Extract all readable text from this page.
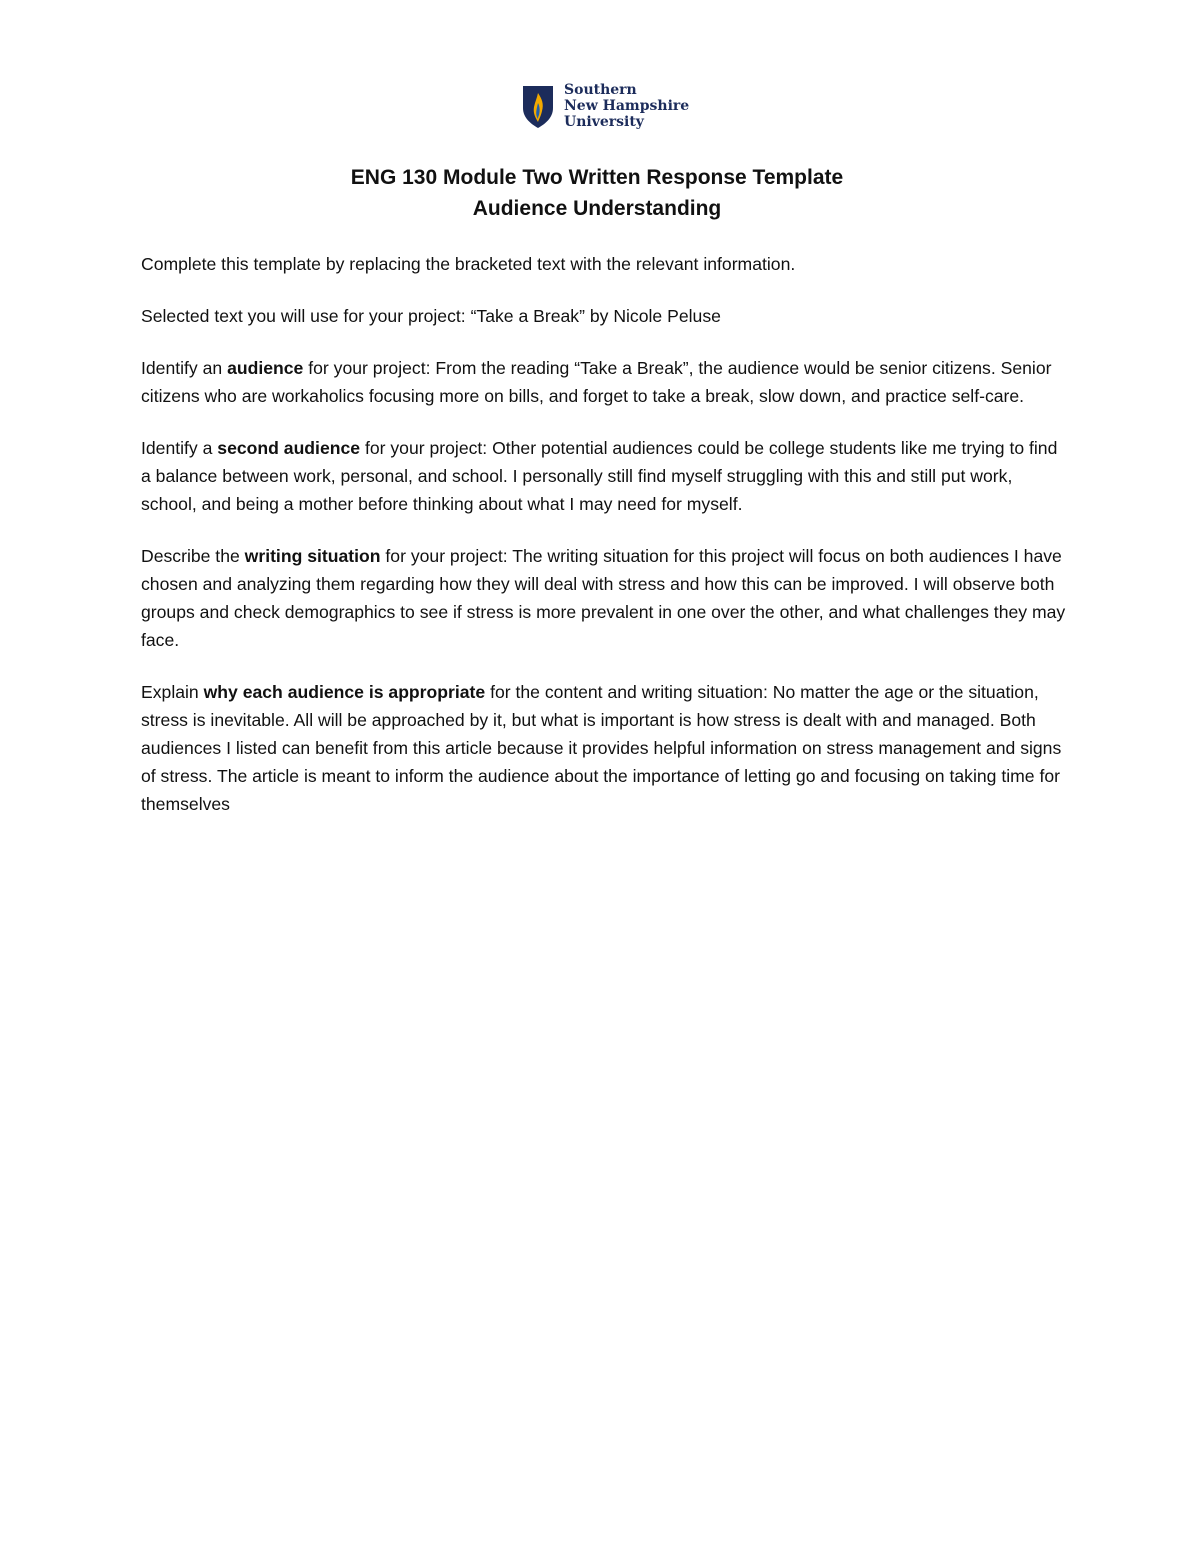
Southern
New Hampshire
University
ENG 130 Module Two Written Response Template
Audience Understanding

Complete this template by replacing the bracketed text with the relevant information.

Selected text you will use for your project: “Take a Break” by Nicole Peluse

Identify an audience for your project: From the reading “Take a Break”, the audience would be senior citizens. Senior citizens who are workaholics focusing more on bills, and forget to take a break, slow down, and practice self-care.

Identify a second audience for your project: Other potential audiences could be college students like me trying to find a balance between work, personal, and school. I personally still find myself struggling with this and still put work, school, and being a mother before thinking about what I may need for myself.

Describe the writing situation for your project: The writing situation for this project will focus on both audiences I have chosen and analyzing them regarding how they will deal with stress and how this can be improved. I will observe both groups and check demographics to see if stress is more prevalent in one over the other, and what challenges they may face.

Explain why each audience is appropriate for the content and writing situation: No matter the age or the situation, stress is inevitable. All will be approached by it, but what is important is how stress is dealt with and managed. Both audiences I listed can benefit from this article because it provides helpful information on stress management and signs of stress. The article is meant to inform the audience about the importance of letting go and focusing on taking time for themselves
